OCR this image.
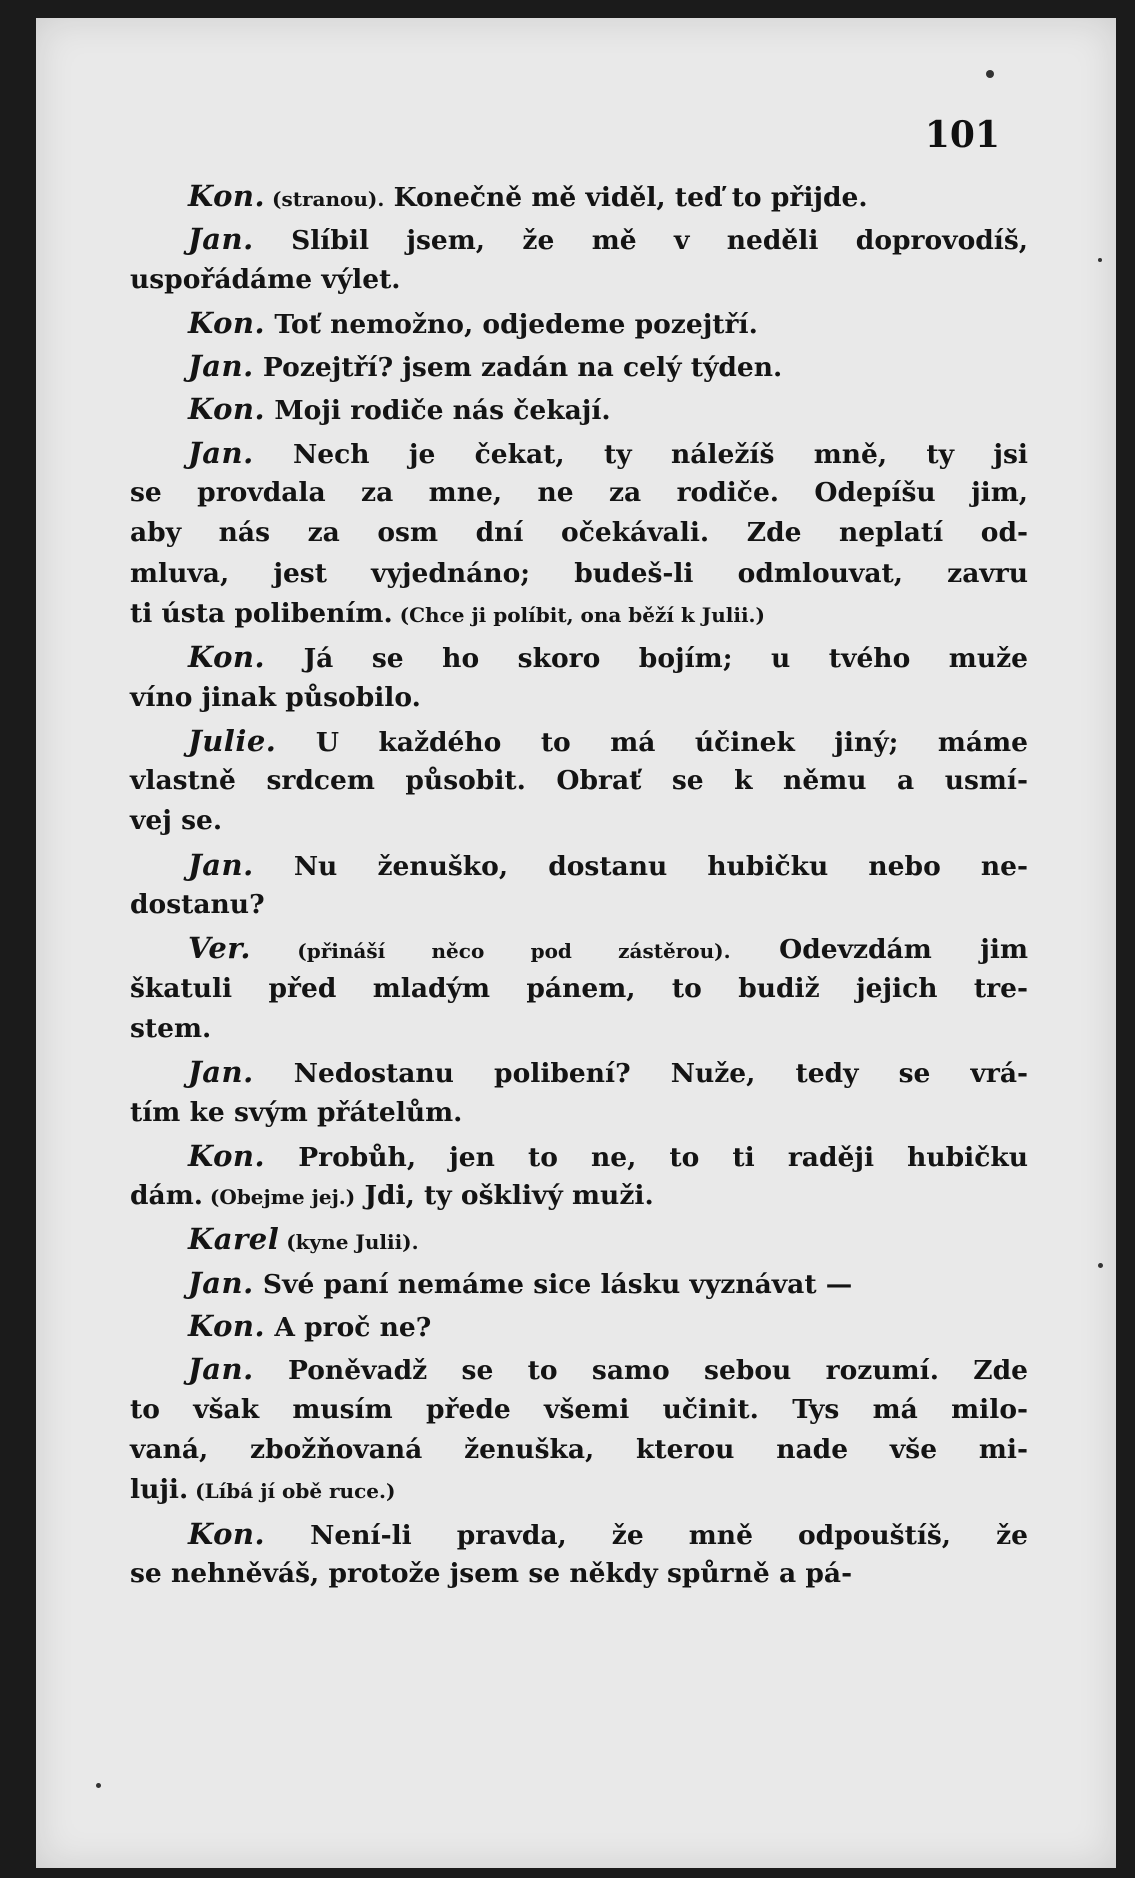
101
Kon. (stranou). Konečně mě viděl, teď to přijde.
Jan. Slíbil jsem, že mě v neděli doprovodíš,
uspořádáme výlet.
Kon. Toť nemožno, odjedeme pozejtří.
Jan. Pozejtří? jsem zadán na celý týden.
Kon. Moji rodiče nás čekají.
Jan. Nech je čekat, ty náležíš mně, ty jsi
se provdala za mne, ne za rodiče. Odepíšu jim,
aby nás za osm dní očekávali. Zde neplatí od-
mluva, jest vyjednáno; budeš-li odmlouvat, zavru
ti ústa polibením. (Chce ji políbit, ona běží k Julii.)
Kon. Já se ho skoro bojím; u tvého muže
víno jinak působilo.
Julie. U každého to má účinek jiný; máme
vlastně srdcem působit. Obrať se k němu a usmí-
vej se.
Jan. Nu ženuško, dostanu hubičku nebo ne-
dostanu?
Ver. (přináší něco pod zástěrou). Odevzdám jim
škatuli před mladým pánem, to budiž jejich tre-
stem.
Jan. Nedostanu polibení? Nuže, tedy se vrá-
tím ke svým přátelům.
Kon. Probůh, jen to ne, to ti raději hubičku
dám. (Obejme jej.) Jdi, ty ošklivý muži.
Karel (kyne Julii).
Jan. Své paní nemáme sice lásku vyznávat —
Kon. A proč ne?
Jan. Poněvadž se to samo sebou rozumí. Zde
to však musím přede všemi učinit. Tys má milo-
vaná, zbožňovaná ženuška, kterou nade vše mi-
luji. (Líbá jí obě ruce.)
Kon. Není-li pravda, že mně odpouštíš, že
se nehněváš, protože jsem se někdy spůrně a pá-
